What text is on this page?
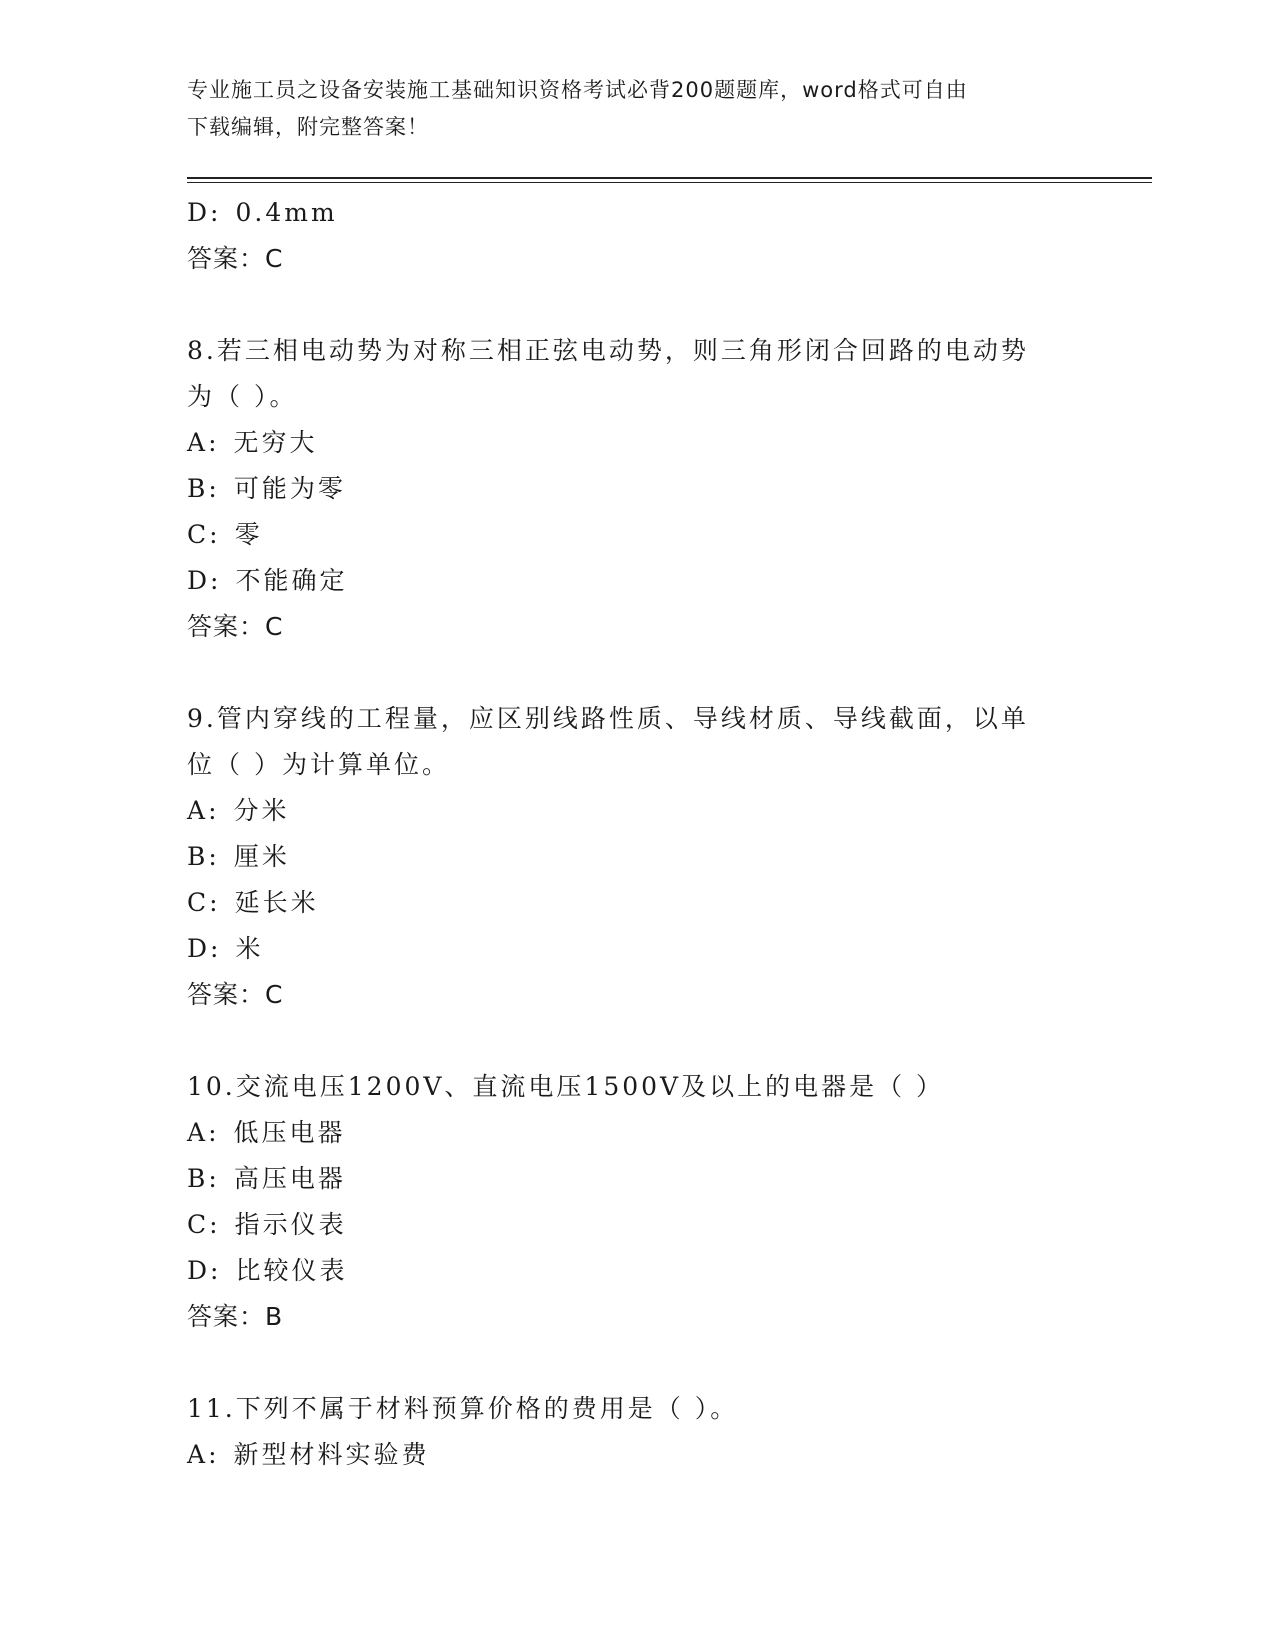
专业施工员之设备安装施工基础知识资格考试必背200题题库，word格式可自由
下载编辑，附完整答案！
D: 0.4mm
答案：C
8.若三相电动势为对称三相正弦电动势，则三角形闭合回路的电动势
为（ ）。
A: 无穷大
B: 可能为零
C: 零
D: 不能确定
答案：C
9.管内穿线的工程量，应区别线路性质、导线材质、导线截面，以单
位（ ）为计算单位。
A: 分米
B: 厘米
C: 延长米
D: 米
答案：C
10.交流电压1200V、直流电压1500V及以上的电器是（ ）
A: 低压电器
B: 高压电器
C: 指示仪表
D: 比较仪表
答案：B
11.下列不属于材料预算价格的费用是（ ）。
A: 新型材料实验费
